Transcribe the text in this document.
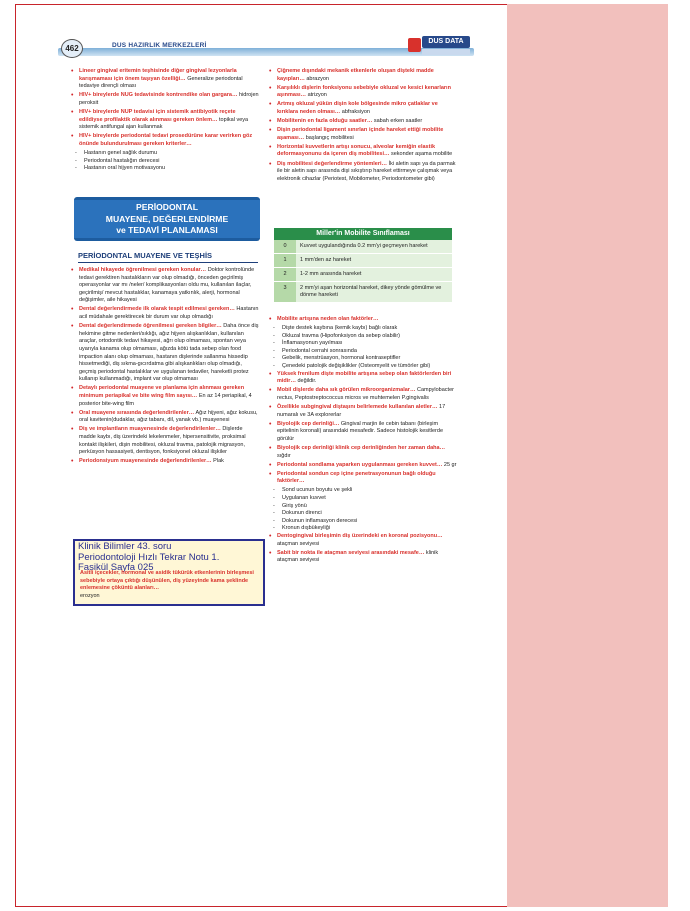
462	DUS HAZIRLIK MERKEZLERİ
DUS DATA
• Lineer gingival eritemin teşhisinde diğer gingival lezyonlarla karışmaması için önem taşıyan özelliği… Generalize periodontal tedaviye dirençli olması
• HIV+ bireylerde NUG tedavisinde kontrendike olan gargara… hidrojen peroksit
• HIV+ bireylerde NUP tedavisi için sistemik antibiyotik reçete edildiyse profilaktik olarak alınması gereken önlem… topikal veya sistemik antifungal ajan kullanmak
• HIV+ bireylerde periodontal tedavi prosedürüne karar verirken göz önünde bulundurulması gereken kriterler…
- Hastanın genel sağlık durumu
- Periodontal hastalığın derecesi
- Hastanın oral hijyen motivasyonu
PERİODONTAL
MUAYENE, DEĞERLENDİRME
ve TEDAVİ PLANLAMASI
PERİODONTAL MUAYENE VE TEŞHİS
• Medikal hikayede öğrenilmesi gereken konular… Doktor kontrolünde tedavi gerektiren hastalıkların var olup olmadığı, önceden geçirilmiş operasyonlar var mı /neler/ komplikasyonları oldu mu, kullanılan ilaçlar, geçirilmiş/ mevcut hastalıklar, kanamaya yatkınlık, alerji, hormonal değişimler, aile hikayesi
• Dental değerlendirmede ilk olarak tespit edilmesi gereken… Hastanın acil müdahale gerektirecek bir durum var olup olmadığı
• Dental değerlendirmede öğrenilmesi gereken bilgiler… Daha önce diş hekimine gitme nedenleri/sıklığı, ağız hijyen alışkanlıkları, kullanılan araçlar, ortodontik tedavi hikayesi, ağrı olup olmaması, spontan veya uyarıyla kanama olup olmaması, ağızda kötü tada sebep olan food impaction alanı olup olmaması, hastanın dişlerinde sallanma hissedip hissetmediği, diş sıkma-gıcırdatma gibi alışkanlıkları olup olmadığı, geçmiş periodontal hastalıklar ve uygulanan tedaviler, hareketli protez kullanıp kullanmadığı, implant var olup olmaması
• Detaylı periodontal muayene ve planlama için alınması gereken minimum periapikal ve bite wing film sayısı… En az 14 periapikal, 4 posterior bite-wing film
• Oral muayene sırasında değerlendirilenler… Ağız hijyeni, ağız kokusu, oral kavitenin(dudaklar, ağız tabanı, dil, yanak vb.) muayenesi
• Diş ve implantların muayenesinde değerlendirilenler… Dişlerde madde kaybı, diş üzerindeki lekelenmeler, hipersensitivite, proksimal kontakt ilişkileri, dişin mobilitesi, okluzal travma, patolojik migrasyon, perküsyon hassasiyeti, dentisyon, fonksiyonel okluzal ilişkiler
• Periodonsiyum muayenesinde değerlendirilenler… Plak
Klinik Bilimler 43. soru
Periodontoloji Hızlı Tekrar Notu 1.
Fasikül Sayfa 025
Asitli içecekler, hormonal ve asidik tükürük etkenlerinin birleşmesi sebebiyle ortaya çıktığı düşünülen, diş yüzeyinde kama şeklinde enlemesine çöküntü alanları…
erozyon
• Çiğneme dışındaki mekanik etkenlerle oluşan dişteki madde kayıpları… abrazyon
• Karşılıklı dişlerin fonksiyonu sebebiyle okluzal ve kesici kenarların aşınması… atrizyon
• Artmış okluzal yükün dişin kole bölgesinde mikro çatlaklar ve kırıklara neden olması… abfraksiyon
• Mobilitenin en fazla olduğu saatler… sabah erken saatler
• Dişin periodontal ligament sınırları içinde hareket ettiği mobilite aşaması… başlangıç mobilitesi
• Horizontal kuvvetlerin artışı sonucu, alveolar kemiğin elastik deformasyonunu da içeren diş mobilitesi… sekonder aşama mobilite
• Diş mobilitesi değerlendirme yöntemleri… İki aletin sapı ya da parmak ile bir aletin sapı arasında dişi sıkıştırıp hareket ettirmeye çalışmak veya elektronik cihazlar (Periotest, Mobilometer, Periodontometer gibi)
Miller'in Mobilite Sınıflaması
0	Kuvvet uygulandığında 0.2 mm'yi geçmeyen hareket
1	1 mm'den az hareket
2	1-2 mm arasında hareket
3	2 mm'yi aşan horizontal hareket, dikey yönde gömülme ve dönme hareketi
• Mobilite artışına neden olan faktörler…
- Dişte destek kaybına (kemik kaybı) bağlı olarak
- Okluzal travma (Hipofonksiyon da sebep olabilir)
- İnflamasyonun yayılması
- Periodontal cerrahi sonrasında
- Gebelik, menstrüasyon, hormonal kontraseptifler
- Çenedeki patolojik değişiklikler (Osteomyelit ve tümörler gibi)
• Yüksek frenilum dişte mobilite artışına sebep olan faktörlerden biri midir… değildir.
• Mobil dişlerde daha sık görülen mikroorganizmalar… Campylobacter rectus, Peptostreptococcus micros ve muhtemelen P.gingivalis
• Özellikle subgingival diştaşını belirlemede kullanılan aletler… 17 numaralı ve 3A explorerlar
• Biyolojik cep derinliği… Gingival marjin ile cebin tabanı (birleşim epitelinin koronali) arasındaki mesafedir. Sadece histolojik kesitlerde görülür
• Biyolojik cep derinliği klinik cep derinliğinden her zaman daha… sığdır
• Periodontal sondlama yaparken uygulanması gereken kuvvet… 25 gr
• Periodontal sondun cep içine penetrasyonunun bağlı olduğu faktörler…
- Sond ucunun boyutu ve şekli
- Uygulanan kuvvet
- Giriş yönü
- Dokunun direnci
- Dokunun inflamasyon derecesi
- Kronun dışbükeyliği
• Dentogingival birleşimin diş üzerindeki en koronal pozisyonu… ataçman seviyesi
• Sabit bir nokta ile ataçman seviyesi arasındaki mesafe… klinik ataçman seviyesi
